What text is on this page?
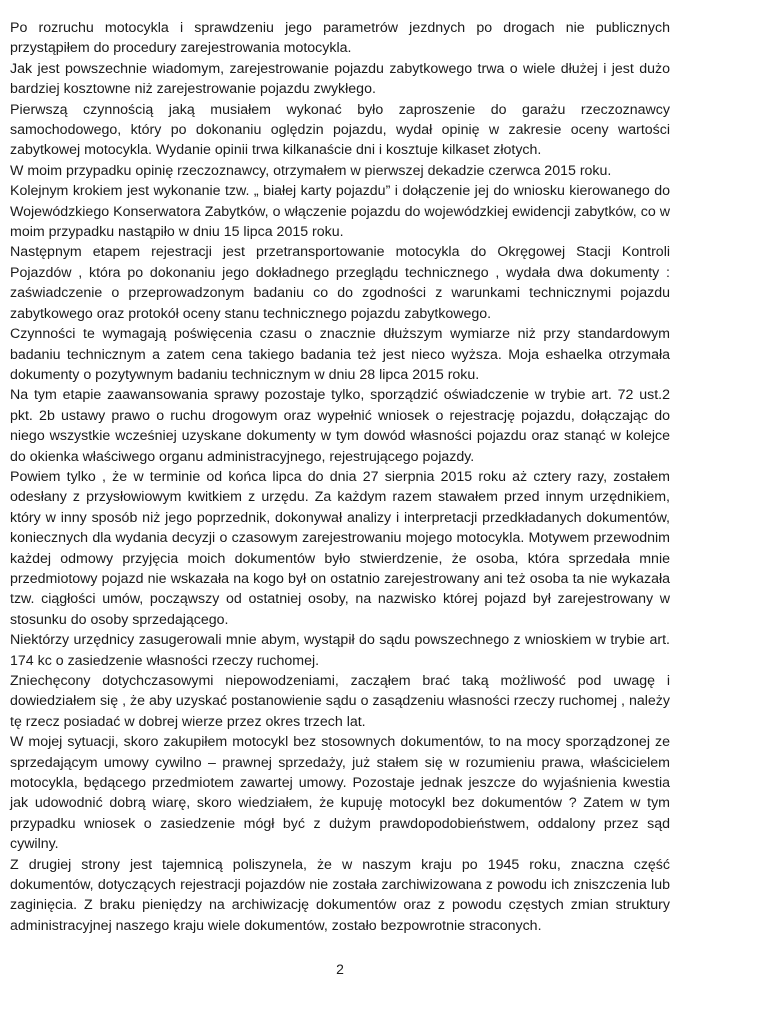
Po rozruchu motocykla i sprawdzeniu jego parametrów jezdnych po drogach nie publicznych przystąpiłem do procedury zarejestrowania motocykla.

Jak jest powszechnie wiadomym, zarejestrowanie pojazdu zabytkowego trwa o wiele dłużej i jest dużo bardziej kosztowne niż zarejestrowanie pojazdu zwykłego.

Pierwszą czynnością jaką musiałem wykonać było zaproszenie do garażu rzeczoznawcy samochodowego, który po dokonaniu oględzin pojazdu, wydał opinię w zakresie oceny wartości zabytkowej motocykla. Wydanie opinii trwa kilkanaście dni i kosztuje kilkaset złotych.

W moim przypadku opinię rzeczoznawcy, otrzymałem w pierwszej dekadzie czerwca 2015 roku.

Kolejnym krokiem jest wykonanie tzw. „ białej karty pojazdu” i dołączenie jej do wniosku kierowanego do Wojewódzkiego Konserwatora Zabytków, o włączenie pojazdu do wojewódzkiej ewidencji zabytków, co w moim przypadku nastąpiło w dniu 15 lipca 2015 roku.

Następnym etapem rejestracji jest przetransportowanie motocykla do Okręgowej Stacji Kontroli Pojazdów , która po dokonaniu jego dokładnego przeglądu technicznego , wydała dwa dokumenty : zaświadczenie o przeprowadzonym badaniu co do zgodności z warunkami technicznymi pojazdu zabytkowego oraz protokół oceny stanu technicznego pojazdu zabytkowego.

Czynności te wymagają poświęcenia czasu o znacznie dłuższym wymiarze niż przy standardowym badaniu technicznym a zatem cena takiego badania też jest nieco wyższa. Moja eshaelka otrzymała dokumenty o pozytywnym badaniu technicznym w dniu 28 lipca 2015 roku.

Na tym etapie zaawansowania sprawy pozostaje tylko, sporządzić oświadczenie w trybie art. 72 ust.2 pkt. 2b ustawy prawo o ruchu drogowym oraz wypełnić wniosek o rejestrację pojazdu, dołączając do niego wszystkie wcześniej uzyskane dokumenty w tym dowód własności pojazdu oraz stanąć w kolejce do okienka właściwego organu administracyjnego, rejestrującego pojazdy.

Powiem tylko , że w terminie od końca lipca do dnia 27 sierpnia 2015 roku aż cztery razy, zostałem odesłany z przysłowiowym kwitkiem z urzędu. Za każdym razem stawałem przed innym urzędnikiem, który w inny sposób niż jego poprzednik, dokonywał analizy i interpretacji przedkładanych dokumentów, koniecznych dla wydania decyzji o czasowym zarejestrowaniu mojego motocykla. Motywem przewodnim każdej odmowy przyjęcia moich dokumentów było stwierdzenie, że osoba, która sprzedała mnie przedmiotowy pojazd nie wskazała na kogo był on ostatnio zarejestrowany ani też osoba ta nie wykazała tzw. ciągłości umów, począwszy od ostatniej osoby, na nazwisko której pojazd był zarejestrowany w stosunku do osoby sprzedającego.

Niektórzy urzędnicy zasugerowali mnie abym, wystąpił do sądu powszechnego z wnioskiem w trybie art. 174 kc o zasiedzenie własności rzeczy ruchomej.

Zniechęcony dotychczasowymi niepowodzeniami, zacząłem brać taką możliwość pod uwagę i dowiedziałem się , że aby uzyskać postanowienie sądu o zasądzeniu własności rzeczy ruchomej , należy tę rzecz posiadać w dobrej wierze przez okres trzech lat.

W mojej sytuacji, skoro zakupiłem motocykl bez stosownych dokumentów, to na mocy sporządzonej ze sprzedającym umowy cywilno – prawnej sprzedaży, już stałem się w rozumieniu prawa, właścicielem motocykla, będącego przedmiotem zawartej umowy. Pozostaje jednak jeszcze do wyjaśnienia kwestia jak udowodnić dobrą wiarę, skoro wiedziałem, że kupuję motocykl bez dokumentów ? Zatem w tym przypadku wniosek o zasiedzenie mógł być z dużym prawdopodobieństwem, oddalony przez sąd cywilny.

Z drugiej strony jest tajemnicą poliszynela, że w naszym kraju po 1945 roku, znaczna część dokumentów, dotyczących rejestracji pojazdów nie została zarchiwizowana z powodu ich zniszczenia lub zaginięcia. Z braku pieniędzy na archiwizację dokumentów oraz z powodu częstych zmian struktury administracyjnej naszego kraju wiele dokumentów, zostało bezpowrotnie straconych.

2
